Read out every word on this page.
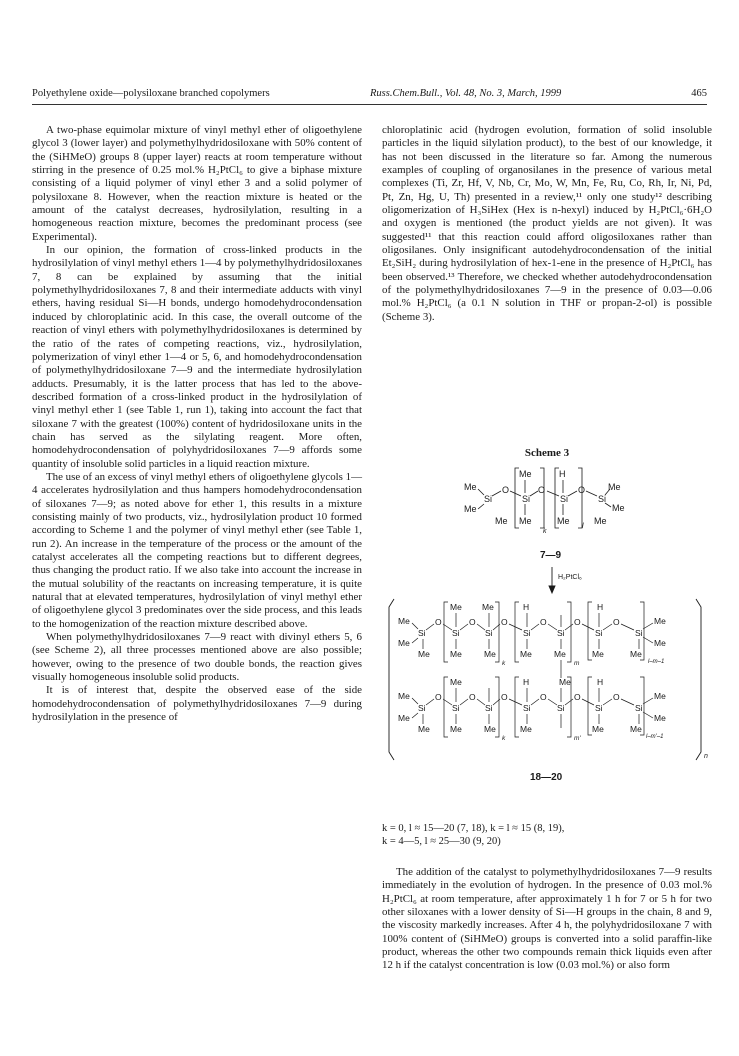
Polyethylene oxide—polysiloxane branched copolymers	Russ.Chem.Bull., Vol. 48, No. 3, March, 1999	465

A two-phase equimolar mixture of vinyl methyl ether of oligoethylene glycol 3 (lower layer) and polymethylhydridosiloxane with 50% content of the (SiHMeO) groups 8 (upper layer) reacts at room temperature without stirring in the presence of 0.25 mol.% H₂PtCl₆ to give a biphase mixture consisting of a liquid polymer of vinyl ether 3 and a solid polymer of polysiloxane 8. However, when the reaction mixture is heated or the amount of the catalyst decreases, hydrosilylation, resulting in a homogeneous reaction mixture, becomes the predominant process (see Experimental).

In our opinion, the formation of cross-linked products in the hydrosilylation of vinyl methyl ethers 1—4 by polymethylhydridosiloxanes 7, 8 can be explained by assuming that the initial polymethylhydridosiloxanes 7, 8 and their intermediate adducts with vinyl ethers, having residual Si—H bonds, undergo homodehydrocondensation induced by chloroplatinic acid. In this case, the overall outcome of the reaction of vinyl ethers with polymethylhydridosiloxanes is determined by the ratio of the rates of competing reactions, viz., hydrosilylation, polymerization of vinyl ether 1—4 or 5, 6, and homodehydrocondensation of polymethylhydridosiloxane 7—9 and the intermediate hydrosilylation adducts. Presumably, it is the latter process that has led to the above-described formation of a cross-linked product in the hydrosilylation of vinyl methyl ether 1 (see Table 1, run 1), taking into account the fact that siloxane 7 with the greatest (100%) content of hydridosiloxane units in the chain has served as the silylating reagent. More often, homodehydrocondensation of polyhydridosiloxanes 7—9 affords some quantity of insoluble solid particles in a liquid reaction mixture.

The use of an excess of vinyl methyl ethers of oligoethylene glycols 1—4 accelerates hydrosilylation and thus hampers homodehydrocondensation of siloxanes 7—9; as noted above for ether 1, this results in a mixture consisting mainly of two products, viz., hydrosilylation product 10 formed according to Scheme 1 and the polymer of vinyl methyl ether (see Table 1, run 2). An increase in the temperature of the process or the amount of the catalyst accelerates all the competing reactions but to different degrees, thus changing the product ratio. If we also take into account the increase in the mutual solubility of the reactants on increasing temperature, it is quite natural that at elevated temperatures, hydrosilylation of vinyl methyl ether of oligoethylene glycol 3 predominates over the side process, and this leads to the homogenization of the reaction mixture described above.

When polymethylhydridosiloxanes 7—9 react with divinyl ethers 5, 6 (see Scheme 2), all three processes mentioned above are also possible; however, owing to the presence of two double bonds, the reaction gives visually homogeneous insoluble solid products.

It is of interest that, despite the observed ease of the side homodehydrocondensation of polymethylhydridosiloxanes 7—9 during hydrosilylation in the presence of

chloroplatinic acid (hydrogen evolution, formation of solid insoluble particles in the liquid silylation product), to the best of our knowledge, it has not been discussed in the literature so far. Among the numerous examples of coupling of organosilanes in the presence of various metal complexes (Ti, Zr, Hf, V, Nb, Cr, Mo, W, Mn, Fe, Ru, Co, Rh, Ir, Ni, Pd, Pt, Zn, Hg, U, Th) presented in a review,¹¹ only one study¹² describing oligomerization of H₃SiHex (Hex is n-hexyl) induced by H₂PtCl₆·6H₂O and oxygen is mentioned (the product yields are not given). It was suggested¹¹ that this reaction could afford oligosiloxanes rather than oligosilanes. Only insignificant autodehydrocondensation of the initial Et₂SiH₂ during hydrosilylation of hex-1-ene in the presence of H₂PtCl₆ has been observed.¹³ Therefore, we checked whether autodehydrocondensation of the polymethylhydridosiloxanes 7—9 in the presence of 0.03—0.06 mol.% H₂PtCl₆ (a 0.1 N solution in THF or propan-2-ol) is possible (Scheme 3).

Scheme 3
Me
Me
Si
O
Me
Si
Me Me
O
H
Si
Me
O
Si
Me
Me
Me
k
l
7—9
H₂PtCl₆
Me
Me
Si
Me
O
Me
Si
Me
O
Me
Si
Me
O
H
Si
Me
O
Si
Me
O
H
Si
Me
O
Si
Me
Me
Me
k	m	l–m–1
Me
Me
Si
Me
O
Me
Si
Me
O
Si
Me
O
H
Si
Me
O
Me
Si
O
H
Si
Me
O
Si
Me
Me
Me
k	m'	l–m'–1
n
18—20
k = 0, l ≈ 15—20 (7, 18), k = l ≈ 15 (8, 19),
k = 4—5, l ≈ 25—30 (9, 20)

The addition of the catalyst to polymethylhydridosiloxanes 7—9 results immediately in the evolution of hydrogen. In the presence of 0.03 mol.% H₂PtCl₆ at room temperature, after approximately 1 h for 7 or 5 h for two other siloxanes with a lower density of Si—H groups in the chain, 8 and 9, the viscosity markedly increases. After 4 h, the polyhydridosiloxane 7 with 100% content of (SiHMeO) groups is converted into a solid paraffin-like product, whereas the other two compounds remain thick liquids even after 12 h if the catalyst concentration is low (0.03 mol.%) or also form
